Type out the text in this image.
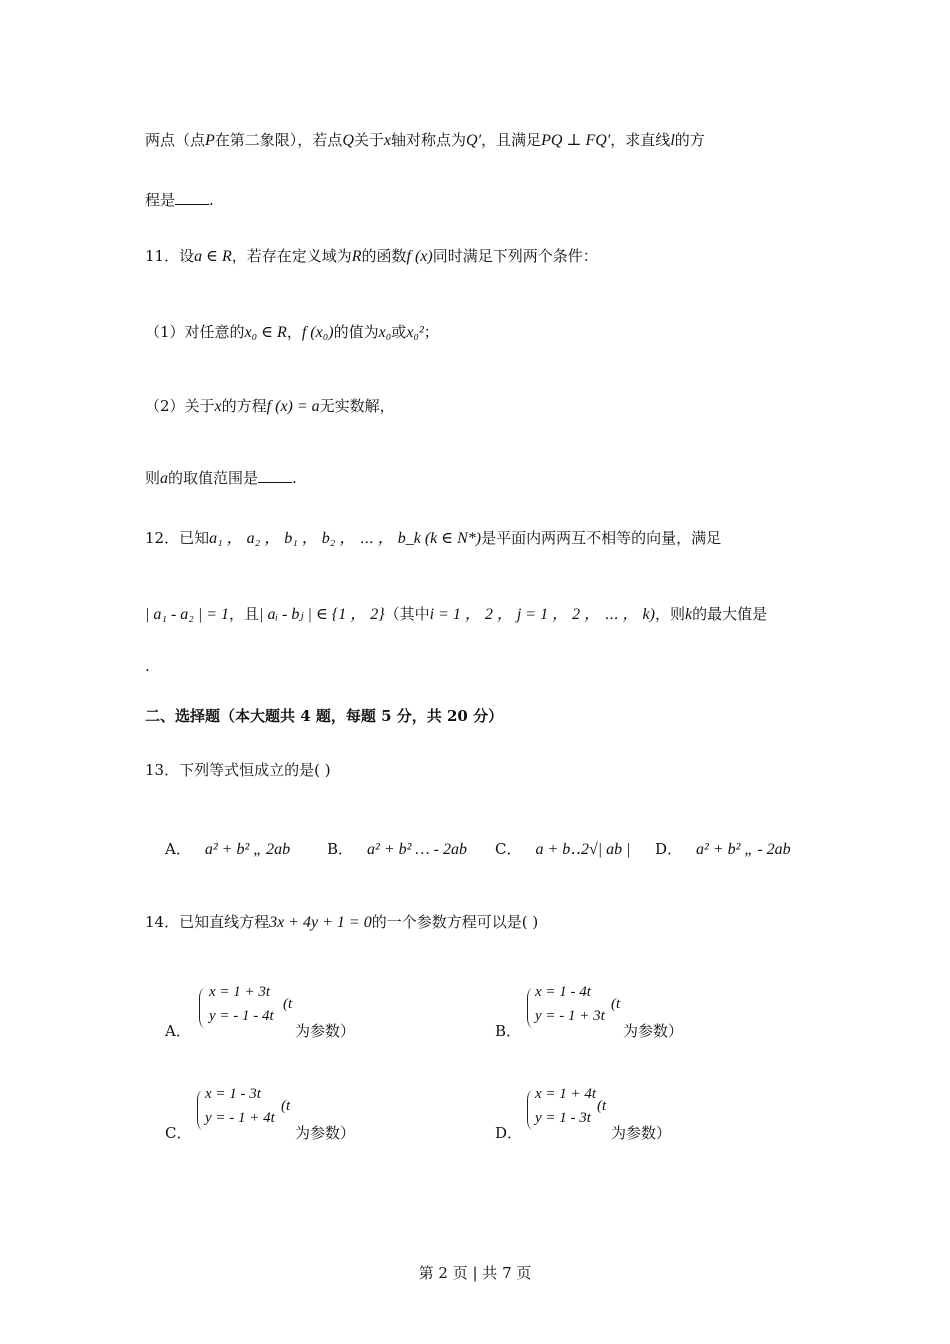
两点（点P在第二象限），若点Q关于x轴对称点为Q′，且满足PQ ⊥ FQ′，求直线l的方
程是 .
11．设a ∈ R，若存在定义域为R的函数f (x)同时满足下列两个条件：
（1）对任意的x₀ ∈ R，f (x₀)的值为x₀或x₀²；
（2）关于x的方程f (x) = a无实数解，
则a的取值范围是 .
12．已知a₁ ， a₂ ， b₁ ， b₂ ， ⋯ ， b_k (k ∈ N*)是平面内两两互不相等的向量，满足
| a₁ - a₂ | = 1，且| aᵢ - bⱼ | ∈ {1 ， 2}（其中i = 1 ， 2 ， j = 1 ， 2 ， ⋯ ， k)，则k的最大值是
.
二、选择题（本大题共 4 题，每题 5 分，共 20 分）
13．下列等式恒成立的是( )
A． a² + b² „ 2ab B． a² + b² … - 2ab C． a + b‥2√| ab | D． a² + b² „ - 2ab
14．已知直线方程3x + 4y + 1 = 0的一个参数方程可以是( )
A．
x = 1 + 3t
y = - 1 - 4t
(t
为参数）	B．
x = 1 - 4t
y = - 1 + 3t
(t
为参数）
C．
x = 1 - 3t
y = - 1 + 4t
(t
为参数）	D．
x = 1 + 4t
y = 1 - 3t
(t
为参数）
第 2 页 | 共 7 页
